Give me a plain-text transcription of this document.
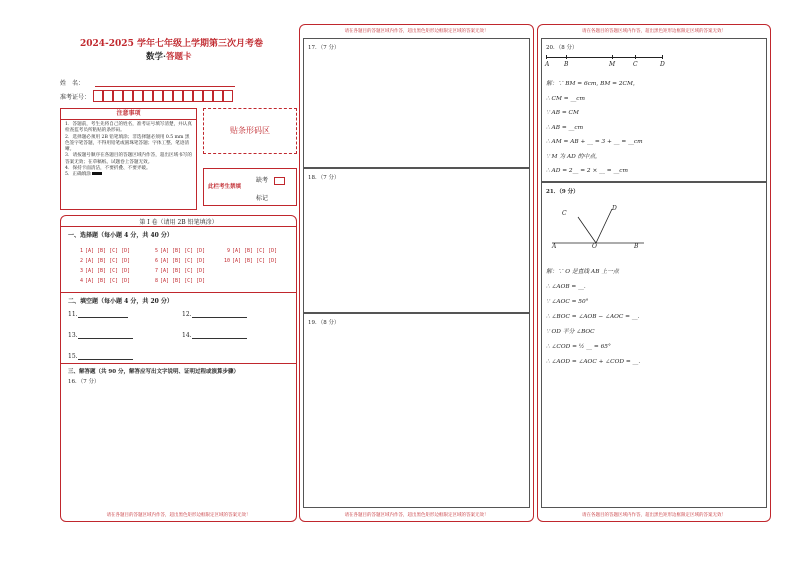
2024-2025 学年七年级上学期第三次月考卷
数学·答题卡
姓　名：
准考证号：
注意事项

1．答题前，考生先将自己的姓名，准考证号填写清楚，并认真检查监考员所粘贴的条形码。

2．选择题必须用 2B 铅笔填涂；非选择题必须用 0.5 mm 黑色签字笔答题，不得用铅笔或圆珠笔答题；字体工整、笔迹清晰。

3．请按题号顺序在各题目的答题区域内作答，超出区域书写的答案无效；在草稿纸、试题卷上答题无效。

4．保持卡面清洁，不要折叠、不要弄破。

5．正确填涂

贴条形码区
此栏考生禁填
缺考
标记
第 I 卷（请用 2B 铅笔填涂）
一、选择题（每小题 4 分，共 40 分）
1 [A] [B] [C] [D]
2 [A] [B] [C] [D]
3 [A] [B] [C] [D]
4 [A] [B] [C] [D]
5 [A] [B] [C] [D]
6 [A] [B] [C] [D]
7 [A] [B] [C] [D]
8 [A] [B] [C] [D]
9 [A] [B] [C] [D]
10 [A] [B] [C] [D]
二、填空题（每小题 4 分，共 20 分）
11.	12.
13.	14.
15.
三、解答题（共 90 分，解答应写出文字说明、证明过程或演算步骤）
16．（7 分）
请在各题目的答题区域内作答，超出黑色矩形边框限定区域的答案无效！
请在各题目的答题区域内作答，超出黑色矩形边框限定区域的答案无效！
17．（7 分）
18．（7 分）
19．（8 分）
请在各题目的答题区域内作答，超出黑色矩形边框限定区域的答案无效！
请在各题目的答题区域内作答，超出黑色矩形边框限定区域的答案无效！
20．（8 分）
A B	M	C	D
解：∵ BM = 6cm, BM = 2CM，
∴ CM = __cm
∵ AB = CM
∴ AB = __cm
∴ AM = AB + __ = 3 + __ = __cm
∵ M 为 AD 的中点，
∴ AD = 2__ = 2 × __ = __cm
21．（9 分）
C
D
A	O	B
解：∵ O 是直线 AB 上一点
∴ ∠AOB = __.
∵ ∠AOC = 50°
∴ ∠BOC = ∠AOB − ∠AOC = __.
∵ OD 平分 ∠BOC
∴ ∠COD = ½ __ = 65°
∴ ∠AOD = ∠AOC + ∠COD = __.
请在各题目的答题区域内作答，超出黑色矩形边框限定区域的答案无效！
